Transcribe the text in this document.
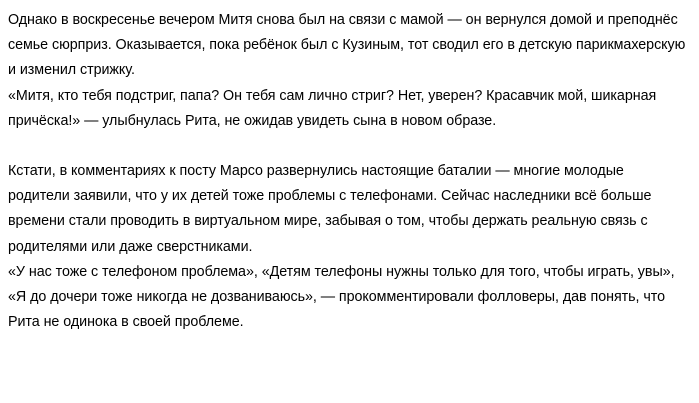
Однако в воскресенье вечером Митя снова был на связи с мамой — он вернулся домой и преподнёс семье сюрприз. Оказывается, пока ребёнок был с Кузиным, тот сводил его в детскую парикмахерскую и изменил стрижку.

«Митя, кто тебя подстриг, папа? Он тебя сам лично стриг? Нет, уверен? Красавчик мой, шикарная причёска!» — улыбнулась Рита, не ожидав увидеть сына в новом образе.

Кстати, в комментариях к посту Марсо развернулись настоящие баталии — многие молодые родители заявили, что у их детей тоже проблемы с телефонами. Сейчас наследники всё больше времени стали проводить в виртуальном мире, забывая о том, чтобы держать реальную связь с родителями или даже сверстниками.

«У нас тоже с телефоном проблема», «Детям телефоны нужны только для того, чтобы играть, увы», «Я до дочери тоже никогда не дозваниваюсь», — прокомментировали фолловеры, дав понять, что Рита не одинока в своей проблеме.
